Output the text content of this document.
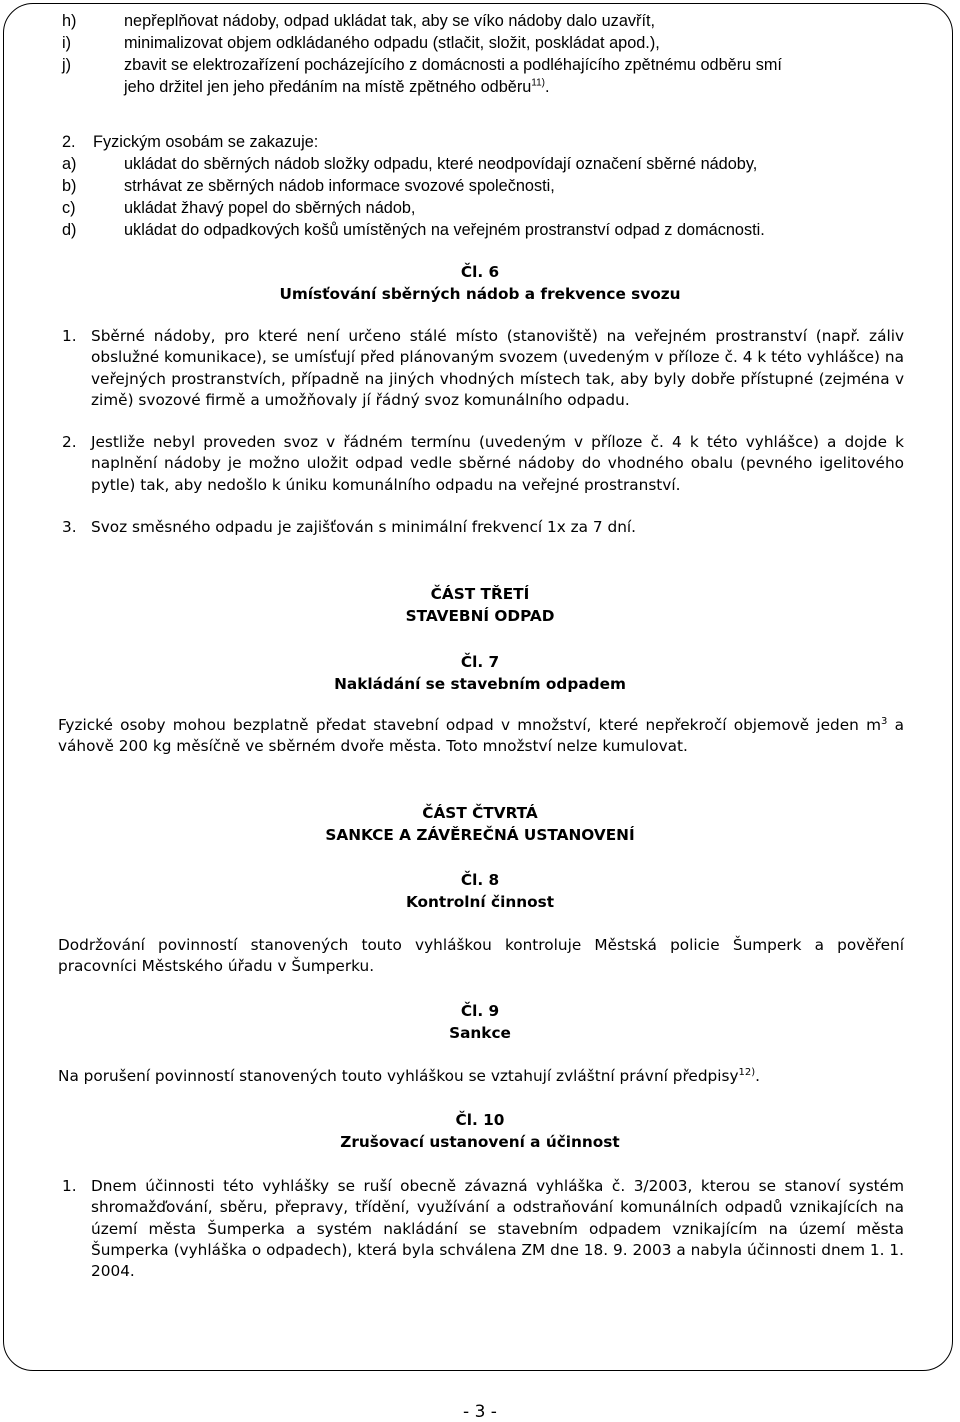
h)	nepřeplňovat nádoby, odpad ukládat tak, aby se víko nádoby dalo uzavřít,
i)	minimalizovat objem odkládaného odpadu (stlačit, složit, poskládat apod.),
j)	zbavit se elektrozařízení pocházejícího z domácnosti a podléhajícího zpětnému odběru smí
jeho držitel jen jeho předáním na místě zpětného odběru$^{11)}$.
2. Fyzickým osobám se zakazuje:
a)	ukládat do sběrných nádob složky odpadu, které neodpovídají označení sběrné nádoby,
b)	strhávat ze sběrných nádob informace svozové společnosti,
c)	ukládat žhavý popel do sběrných nádob,
d)	ukládat do odpadkových košů umístěných na veřejném prostranství odpad z domácnosti.
Čl. 6
Umísťování sběrných nádob a frekvence svozu
1. Sběrné nádoby, pro které není určeno stálé místo (stanoviště) na veřejném prostranství (např. záliv obslužné komunikace), se umísťují před plánovaným svozem (uvedeným v příloze č. 4 k této vyhlášce) na veřejných prostranstvích, případně na jiných vhodných místech tak, aby byly dobře přístupné (zejména v zimě) svozové firmě a umožňovaly jí řádný svoz komunálního odpadu.
2. Jestliže nebyl proveden svoz v řádném termínu (uvedeným v příloze č. 4 k této vyhlášce) a dojde k naplnění nádoby je možno uložit odpad vedle sběrné nádoby do vhodného obalu (pevného igelitového pytle) tak, aby nedošlo k úniku komunálního odpadu na veřejné prostranství.
3. Svoz směsného odpadu je zajišťován s minimální frekvencí 1x za 7 dní.
ČÁST TŘETÍ
STAVEBNÍ ODPAD
Čl. 7
Nakládání se stavebním odpadem
Fyzické osoby mohou bezplatně předat stavební odpad v množství, které nepřekročí objemově jeden $m^3$ a váhově 200 kg měsíčně ve sběrném dvoře města. Toto množství nelze kumulovat.
ČÁST ČTVRTÁ
SANKCE A ZÁVĚREČNÁ USTANOVENÍ
Čl. 8
Kontrolní činnost
Dodržování povinností stanovených touto vyhláškou kontroluje Městská policie Šumperk a pověření pracovníci Městského úřadu v Šumperku.
Čl. 9
Sankce
Na porušení povinností stanovených touto vyhláškou se vztahují zvláštní právní předpisy$^{12)}$.
Čl. 10
Zrušovací ustanovení a účinnost
1. Dnem účinnosti této vyhlášky se ruší obecně závazná vyhláška č. 3/2003, kterou se stanoví systém shromažďování, sběru, přepravy, třídění, využívání a odstraňování komunálních odpadů vznikajících na území města Šumperka a systém nakládání se stavebním odpadem vznikajícím na území města Šumperka (vyhláška o odpadech), která byla schválena ZM dne 18. 9. 2003 a nabyla účinnosti dnem 1. 1. 2004.
- 3 -
